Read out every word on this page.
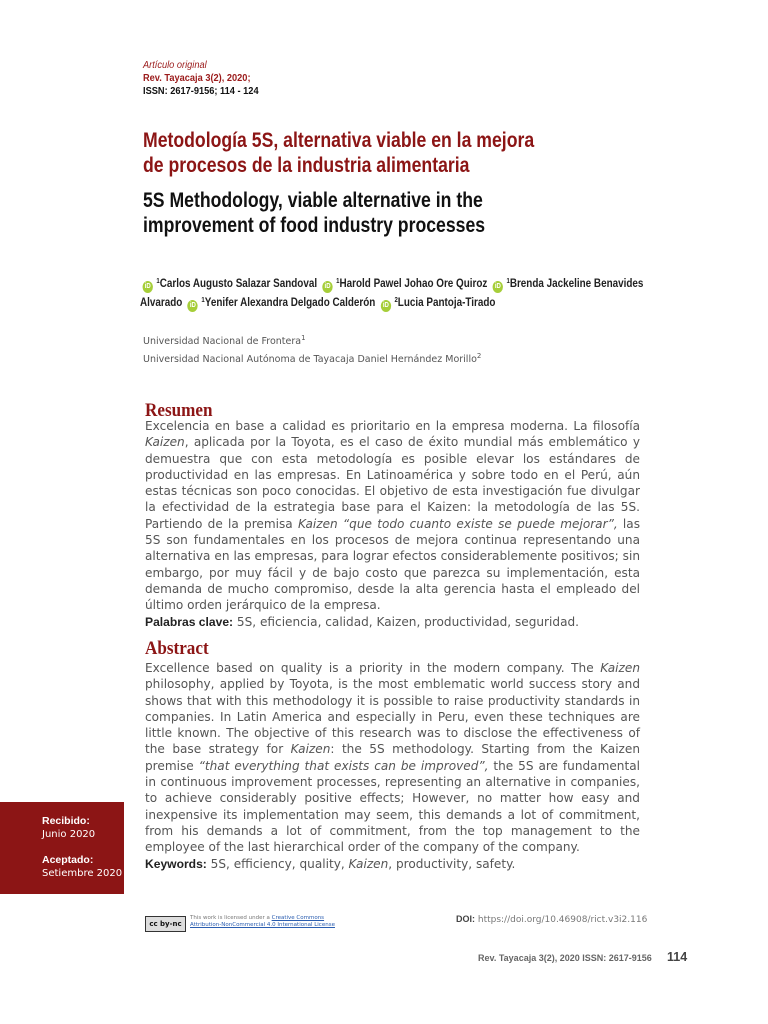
Artículo original
Rev. Tayacaja 3(2), 2020;
ISSN: 2617-9156; 114 - 124
Metodología 5S, alternativa viable en la mejora
de procesos de la industria alimentaria
5S Methodology, viable alternative in the
improvement of food industry processes
$iD^1Carlos$ Augusto Salazar Sandoval $iD^1Harold$ Pawel Johao Ore Quiroz $iD^1Brenda$ Jackeline Benavides Alvarado $iD^1Yenifer$ Alexandra Delgado Calderón $iD^2Lucia$ Pantoja-Tirado
Universidad Nacional de Frontera$^1$
Universidad Nacional Autónoma de Tayacaja Daniel Hernández Morillo$^2$
Resumen
Excelencia en base a calidad es prioritario en la empresa moderna. La filosofía Kaizen, aplicada por la Toyota, es el caso de éxito mundial más emblemático y demuestra que con esta metodología es posible elevar los estándares de productividad en las empresas. En Latinoamérica y sobre todo en el Perú, aún estas técnicas son poco conocidas. El objetivo de esta investigación fue divulgar la efectividad de la estrategia base para el Kaizen: la metodología de las 5S. Partiendo de la premisa Kaizen “que todo cuanto existe se puede mejorar”, las 5S son fundamentales en los procesos de mejora continua representando una alternativa en las empresas, para lograr efectos considerablemente positivos; sin embargo, por muy fácil y de bajo costo que parezca su implementación, esta demanda de mucho compromiso, desde la alta gerencia hasta el empleado del último orden jerárquico de la empresa.
Palabras clave: 5S, eficiencia, calidad, Kaizen, productividad, seguridad.
Abstract
Excellence based on quality is a priority in the modern company. The Kaizen philosophy, applied by Toyota, is the most emblematic world success story and shows that with this methodology it is possible to raise productivity standards in companies. In Latin America and especially in Peru, even these techniques are little known. The objective of this research was to disclose the effectiveness of the base strategy for Kaizen: the 5S methodology. Starting from the Kaizen premise “that everything that exists can be improved”, the 5S are fundamental in continuous improvement processes, representing an alternative in companies, to achieve considerably positive effects; However, no matter how easy and inexpensive its implementation may seem, this demands a lot of commitment, from his demands a lot of commitment, from the top management to the employee of the last hierarchical order of the company of the company.
Keywords: 5S, efficiency, quality, Kaizen, productivity, safety.
Recibido:
Junio 2020
Aceptado:
Setiembre 2020
cc by-nc
This work is licensed under a Creative Commons Attribution-NonCommercial 4.0 International License
DOI: https://doi.org/10.46908/rict.v3i2.116
Rev. Tayacaja 3(2), 2020 ISSN: 2617-9156 114
